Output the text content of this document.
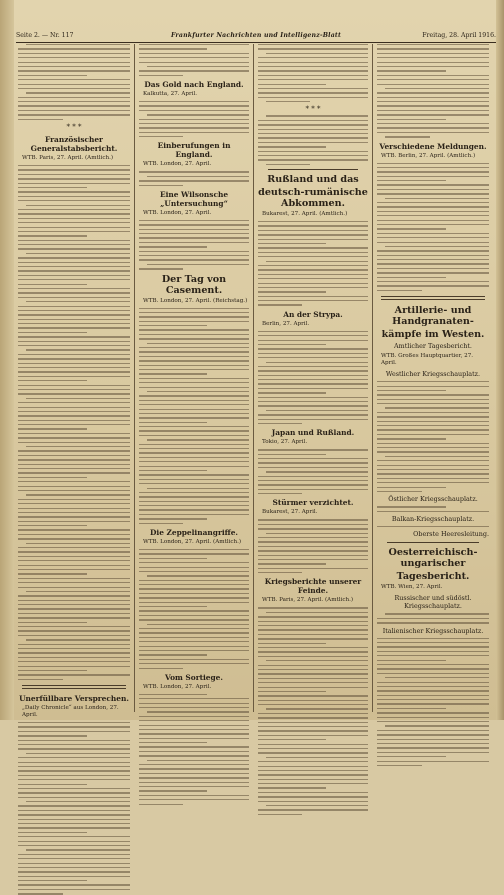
Seite 2. — Nr. 117	Frankfurter Nachrichten und Intelligenz-Blatt	Freitag, 28. April 1916.
* * *
Französischer Generalstabsbericht.
WTB. Paris, 27. April. (Amtlich.)
Unerfüllbare Versprechen.
„Daily Chronicle“ aus London, 27. April.
Das Gold nach England.
Kalkutta, 27. April.
Einberufungen in England.
WTB. London, 27. April.
Eine Wilsonsche „Untersuchung“
WTB. London, 27. April.
Der Tag von Casement.
WTB. London, 27. April. (Reichstag.)
Die Zeppelinangriffe.
WTB. London, 27. April. (Amtlich.)
Vom Sortiege.
WTB. London, 27. April.
* * *
Rußland und das
deutsch-rumänische Abkommen.
Bukarest, 27. April. (Amtlich.)
An der Strypa.
Berlin, 27. April.
Japan und Rußland.
Tokio, 27. April.
Stürmer verzichtet.
Bukarest, 27. April.
Kriegsberichte unserer Feinde.
WTB. Paris, 27. April. (Amtlich.)
Verschiedene Meldungen.
WTB. Berlin, 27. April. (Amtlich.)
Artillerie- und Handgranaten-
kämpfe im Westen.
Amtlicher Tagesbericht.
WTB. Großes Hauptquartier, 27. April.
Westlicher Kriegsschauplatz.
Östlicher Kriegsschauplatz.
Balkan-Kriegsschauplatz.
Oberste Heeresleitung.
Oesterreichisch-ungarischer
Tagesbericht.
WTB. Wien, 27. April.
Russischer und südöstl. Kriegsschauplatz.
Italienischer Kriegsschauplatz.
